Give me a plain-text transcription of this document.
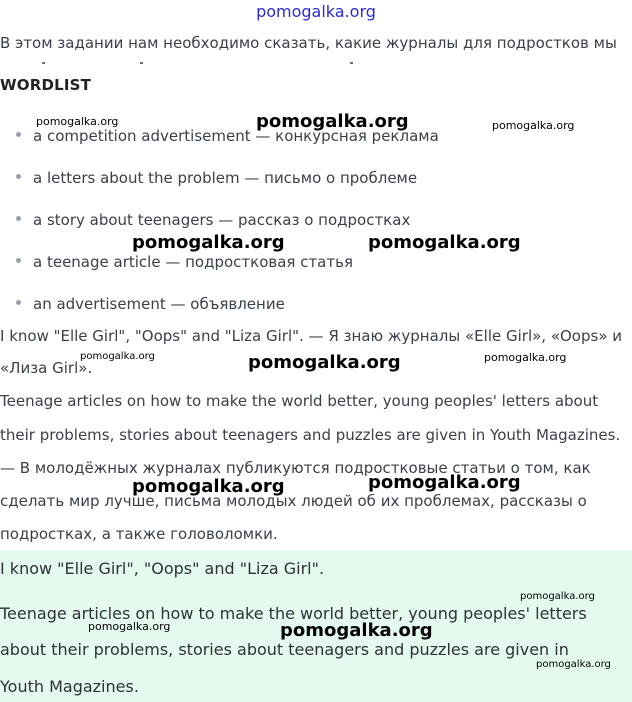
pomogalka.org
В этом задании нам необходимо сказать, какие журналы для подростков мы
WORDLIST
a competition advertisement — конкурсная реклама
a letters about the problem — письмо о проблеме
a story about teenagers — рассказ о подростках
a teenage article — подростковая статья
an advertisement — объявление
I know "Elle Girl", "Oops" and "Liza Girl". — Я знаю журналы «Elle Girl», «Oops» и
«Лиза Girl».
Teenage articles on how to make the world better, young peoples' letters about
their problems, stories about teenagers and puzzles are given in Youth Magazines.
— В молодёжных журналах публикуются подростковые статьи о том, как
сделать мир лучше, письма молодых людей об их проблемах, рассказы о
подростках, а также головоломки.
I know "Elle Girl", "Oops" and "Liza Girl".
Teenage articles on how to make the world better, young peoples' letters
about their problems, stories about teenagers and puzzles are given in
Youth Magazines.
pomogalka.org	pomogalka.org	pomogalka.org
pomogalka.org	pomogalka.org
pomogalka.org	pomogalka.org	pomogalka.org
pomogalka.org	pomogalka.org
pomogalka.org
pomogalka.org	pomogalka.org
pomogalka.org
